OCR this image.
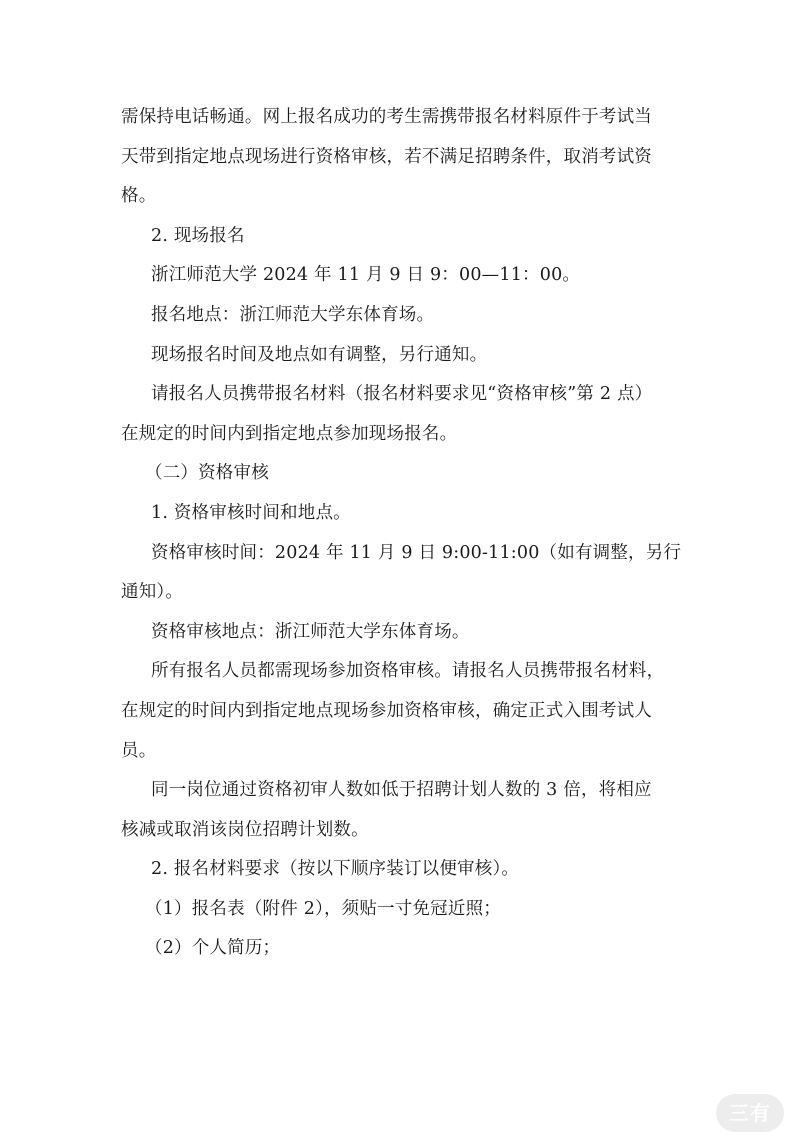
需保持电话畅通。网上报名成功的考生需携带报名材料原件于考试当
天带到指定地点现场进行资格审核，若不满足招聘条件，取消考试资
格。
2. 现场报名
浙江师范大学 2024 年 11 月 9 日 9：00—11：00。
报名地点：浙江师范大学东体育场。
现场报名时间及地点如有调整，另行通知。
请报名人员携带报名材料（报名材料要求见“资格审核”第 2 点）
在规定的时间内到指定地点参加现场报名。
（二）资格审核
1. 资格审核时间和地点。
资格审核时间：2024 年 11 月 9 日 9:00-11:00（如有调整，另行
通知）。
资格审核地点：浙江师范大学东体育场。
所有报名人员都需现场参加资格审核。请报名人员携带报名材料，
在规定的时间内到指定地点现场参加资格审核，确定正式入围考试人
员。
同一岗位通过资格初审人数如低于招聘计划人数的 3 倍，将相应
核减或取消该岗位招聘计划数。
2. 报名材料要求（按以下顺序装订以便审核）。
（1）报名表（附件 2），须贴一寸免冠近照；
（2）个人简历；
三有
